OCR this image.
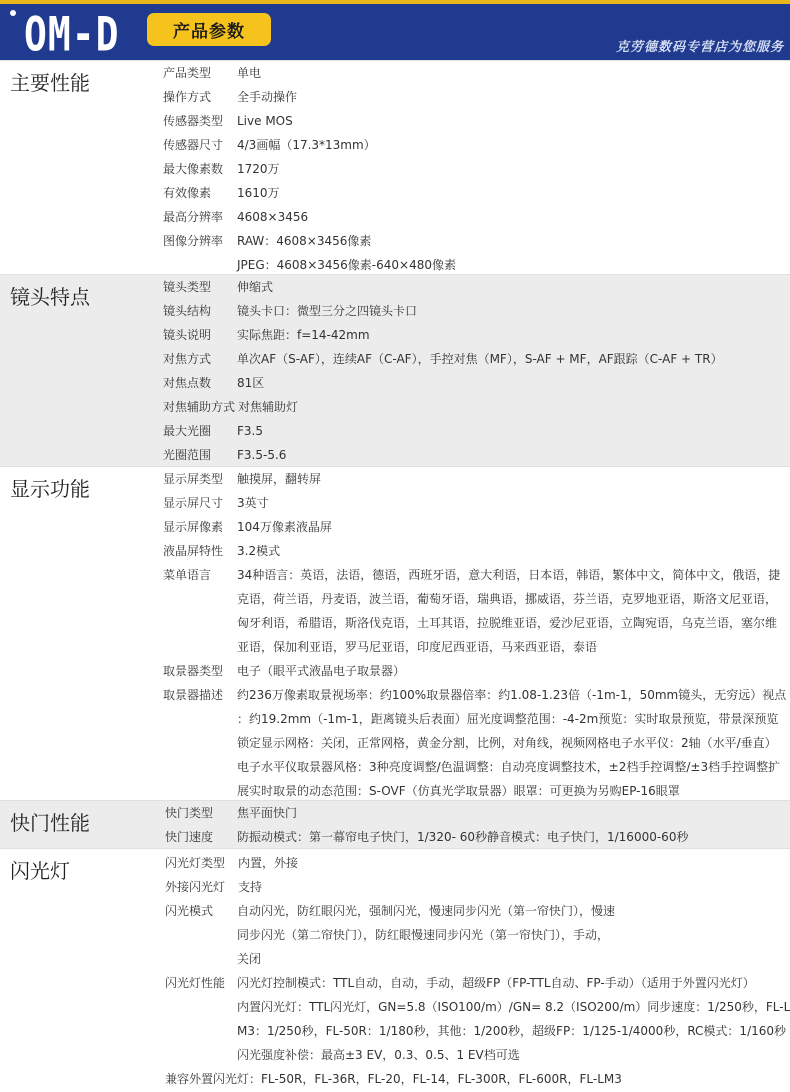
OM-D	产品参数
克劳德数码专营店为您服务
主要性能	产品类型 单电
操作方式 全手动操作
传感器类型 Live MOS
传感器尺寸 4/3画幅（17.3*13mm）
最大像素数 1720万
有效像素 1610万
最高分辨率 4608×3456
图像分辨率 RAW：4608×3456像素
JPEG：4608×3456像素-640×480像素
镜头特点	镜头类型 伸缩式
镜头结构 镜头卡口：微型三分之四镜头卡口
镜头说明 实际焦距：f=14-42mm
对焦方式 单次AF（S-AF），连续AF（C-AF），手控对焦（MF），S-AF + MF，AF跟踪（C-AF + TR）
对焦点数 81区
对焦辅助方式 对焦辅助灯
最大光圈 F3.5
光圈范围 F3.5-5.6
显示功能	显示屏类型 触摸屏，翻转屏
显示屏尺寸 3英寸
显示屏像素 104万像素液晶屏
液晶屏特性 3.2模式
菜单语言 34种语言：英语，法语，德语，西班牙语，意大利语，日本语，韩语，繁体中文，简体中文，俄语，捷
克语，荷兰语，丹麦语，波兰语，葡萄牙语，瑞典语，挪威语，芬兰语，克罗地亚语，斯洛文尼亚语，
匈牙利语，希腊语，斯洛伐克语，土耳其语，拉脱维亚语，爱沙尼亚语，立陶宛语，乌克兰语，塞尔维
亚语，保加利亚语，罗马尼亚语，印度尼西亚语，马来西亚语，泰语
取景器类型 电子（眼平式液晶电子取景器）
取景器描述 约236万像素取景视场率：约100%取景器倍率：约1.08-1.23倍（-1m-1，50mm镜头，无穷远）视点
：约19.2mm（-1m-1，距离镜头后表面）屈光度调整范围：-4-2m预览：实时取景预览，带景深预览
锁定显示网格：关闭，正常网格，黄金分割，比例，对角线，视频网格电子水平仪：2轴（水平/垂直）
电子水平仪取景器风格：3种亮度调整/色温调整：自动亮度调整技术，±2档手控调整/±3档手控调整扩
展实时取景的动态范围：S-OVF（仿真光学取景器）眼罩：可更换为另购EP-16眼罩
快门性能	快门类型 焦平面快门
快门速度 防振动模式：第一幕帘电子快门，1/320- 60秒静音模式：电子快门，1/16000-60秒
闪光灯	闪光灯类型 内置，外接
外接闪光灯 支持
闪光模式 自动闪光，防红眼闪光，强制闪光，慢速同步闪光（第一帘快门），慢速
同步闪光（第二帘快门），防红眼慢速同步闪光（第一帘快门），手动，
关闭
闪光灯性能 闪光灯控制模式：TTL自动，自动，手动，超级FP（FP-TTL自动、FP-手动）（适用于外置闪光灯）
内置闪光灯：TTL闪光灯，GN=5.8（ISO100/m）/GN= 8.2（ISO200/m）同步速度：1/250秒，FL-L
M3：1/250秒，FL-50R：1/180秒，其他：1/200秒，超级FP：1/125-1/4000秒，RC模式：1/160秒
闪光强度补偿：最高±3 EV，0.3、0.5、1 EV档可选
兼容外置闪光灯：FL-50R，FL-36R，FL-20，FL-14，FL-300R，FL-600R，FL-LM3
